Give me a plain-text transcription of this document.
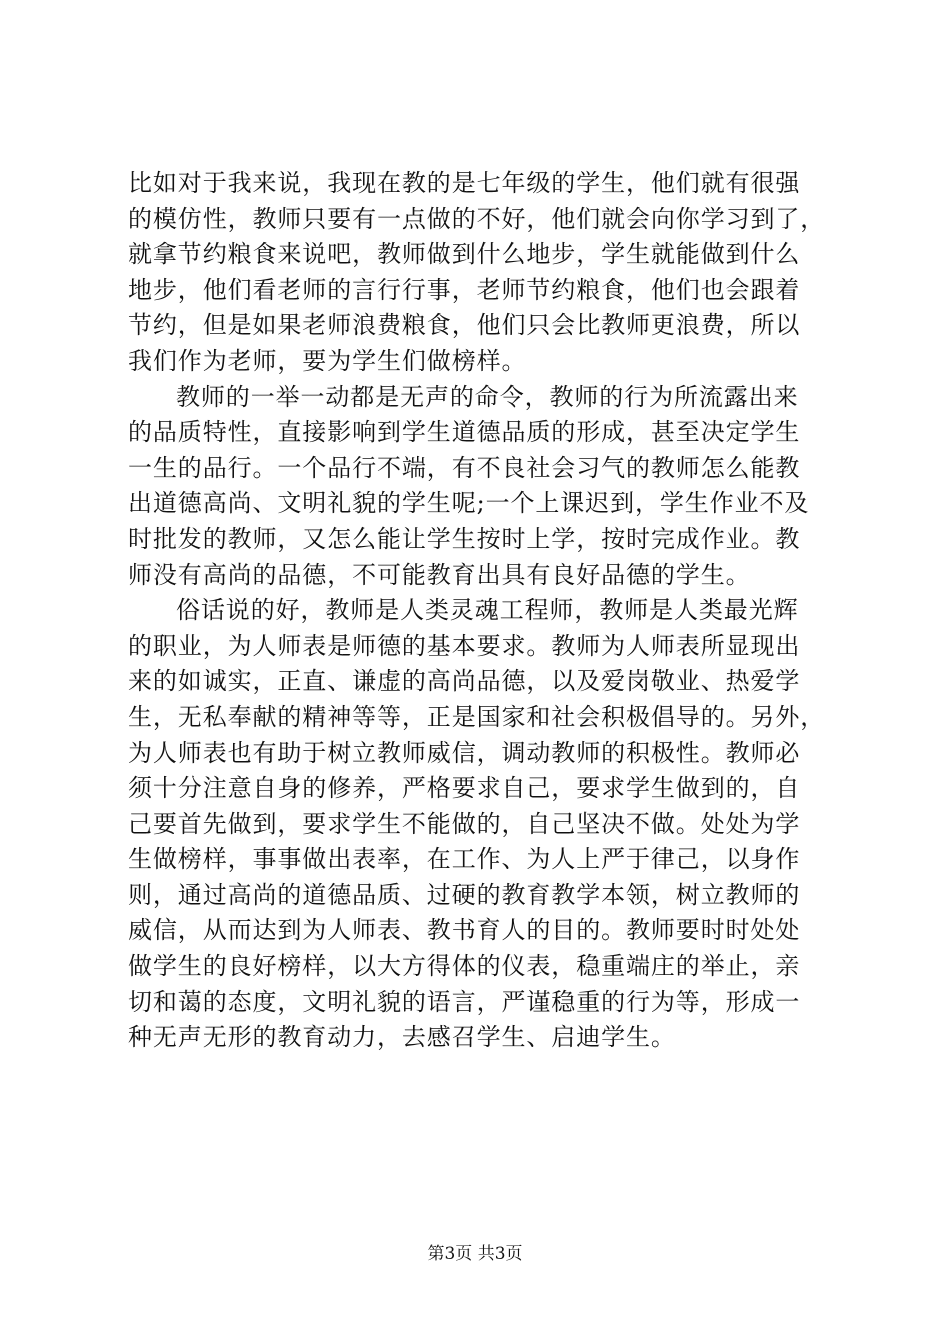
比如对于我来说，我现在教的是七年级的学生，他们就有很强
的模仿性，教师只要有一点做的不好，他们就会向你学习到了，
就拿节约粮食来说吧，教师做到什么地步，学生就能做到什么
地步，他们看老师的言行行事，老师节约粮食，他们也会跟着
节约，但是如果老师浪费粮食，他们只会比教师更浪费，所以
我们作为老师，要为学生们做榜样。
教师的一举一动都是无声的命令，教师的行为所流露出来
的品质特性，直接影响到学生道德品质的形成，甚至决定学生
一生的品行。一个品行不端，有不良社会习气的教师怎么能教
出道德高尚、文明礼貌的学生呢;一个上课迟到，学生作业不及
时批发的教师，又怎么能让学生按时上学，按时完成作业。教
师没有高尚的品德，不可能教育出具有良好品德的学生。
俗话说的好，教师是人类灵魂工程师，教师是人类最光辉
的职业，为人师表是师德的基本要求。教师为人师表所显现出
来的如诚实，正直、谦虚的高尚品德，以及爱岗敬业、热爱学
生，无私奉献的精神等等，正是国家和社会积极倡导的。另外，
为人师表也有助于树立教师威信，调动教师的积极性。教师必
须十分注意自身的修养，严格要求自己，要求学生做到的，自
己要首先做到，要求学生不能做的，自己坚决不做。处处为学
生做榜样，事事做出表率，在工作、为人上严于律己，以身作
则，通过高尚的道德品质、过硬的教育教学本领，树立教师的
威信，从而达到为人师表、教书育人的目的。教师要时时处处
做学生的良好榜样，以大方得体的仪表，稳重端庄的举止，亲
切和蔼的态度，文明礼貌的语言，严谨稳重的行为等，形成一
种无声无形的教育动力，去感召学生、启迪学生。
第3页 共3页
